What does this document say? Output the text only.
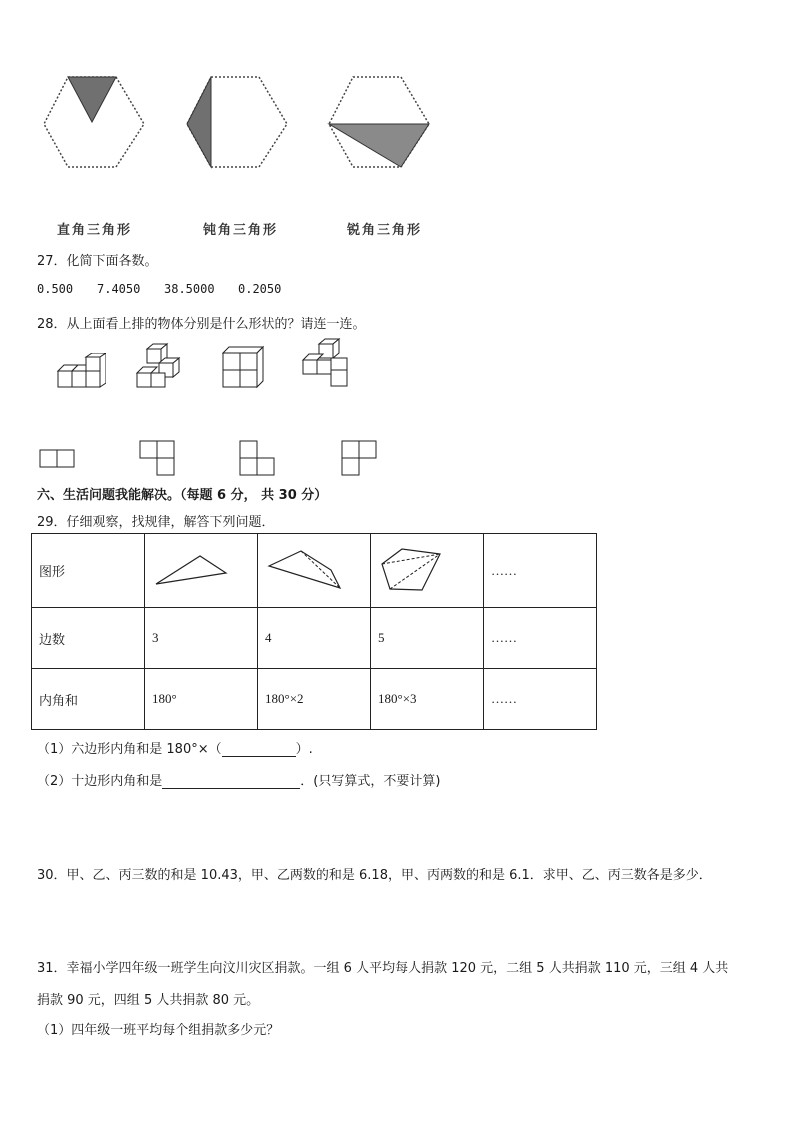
直角三角形	钝角三角形	锐角三角形
27．化简下面各数。
0.500 7.4050 38.5000 0.2050
28．从上面看上排的物体分别是什么形状的？请连一连。
六、生活问题我能解决。（每题 6 分， 共 30 分）
29．仔细观察，找规律，解答下列问题．
图形				……
边数	3	4	5	……
内角和	180°	180°×2	180°×3	……
（1）六边形内角和是 180°×（	）.
（2）十边形内角和是	．(只写算式，不要计算)
30．甲、乙、丙三数的和是 10.43，甲、乙两数的和是 6.18，甲、丙两数的和是 6.1．求甲、乙、丙三数各是多少．
31．幸福小学四年级一班学生向汶川灾区捐款。一组 6 人平均每人捐款 120 元，二组 5 人共捐款 110 元，三组 4 人共
捐款 90 元，四组 5 人共捐款 80 元。
（1）四年级一班平均每个组捐款多少元？
